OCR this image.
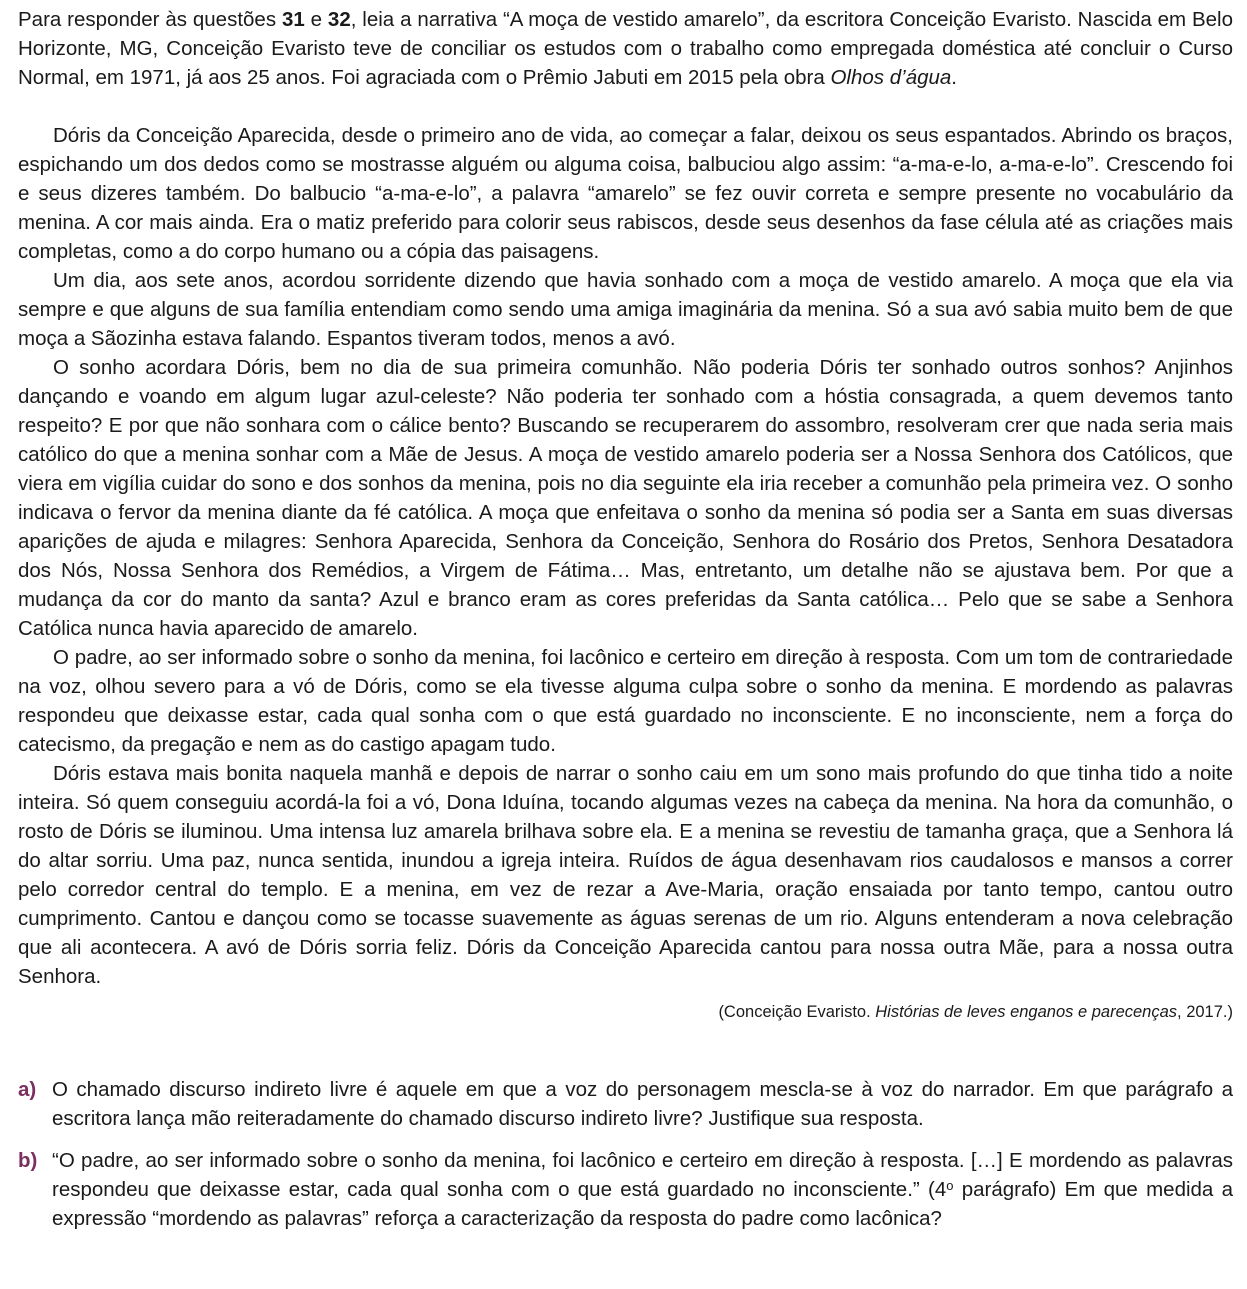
Para responder às questões 31 e 32, leia a narrativa “A moça de vestido amarelo”, da escritora Conceição Evaristo. Nascida em Belo Horizonte, MG, Conceição Evaristo teve de conciliar os estudos com o trabalho como empregada doméstica até concluir o Curso Normal, em 1971, já aos 25 anos. Foi agraciada com o Prêmio Jabuti em 2015 pela obra Olhos d’água.

Dóris da Conceição Aparecida, desde o primeiro ano de vida, ao começar a falar, deixou os seus espantados. Abrindo os braços, espichando um dos dedos como se mostrasse alguém ou alguma coisa, balbuciou algo assim: “a-ma-e-lo, a-ma-e-lo”. Crescendo foi e seus dizeres também. Do balbucio “a-ma-e-lo”, a palavra “amarelo” se fez ouvir correta e sempre presente no vocabulário da menina. A cor mais ainda. Era o matiz preferido para colorir seus rabiscos, desde seus desenhos da fase célula até as criações mais completas, como a do corpo humano ou a cópia das paisagens.

Um dia, aos sete anos, acordou sorridente dizendo que havia sonhado com a moça de vestido amarelo. A moça que ela via sempre e que alguns de sua família entendiam como sendo uma amiga imaginária da menina. Só a sua avó sabia muito bem de que moça a Sãozinha estava falando. Espantos tiveram todos, menos a avó.

O sonho acordara Dóris, bem no dia de sua primeira comunhão. Não poderia Dóris ter sonhado outros sonhos? Anjinhos dançando e voando em algum lugar azul-celeste? Não poderia ter sonhado com a hóstia consagrada, a quem devemos tanto respeito? E por que não sonhara com o cálice bento? Buscando se recuperarem do assombro, resolveram crer que nada seria mais católico do que a menina sonhar com a Mãe de Jesus. A moça de vestido amarelo poderia ser a Nossa Senhora dos Católicos, que viera em vigília cuidar do sono e dos sonhos da menina, pois no dia seguinte ela iria receber a comunhão pela primeira vez. O sonho indicava o fervor da menina diante da fé católica. A moça que enfeitava o sonho da menina só podia ser a Santa em suas diversas aparições de ajuda e milagres: Senhora Aparecida, Senhora da Conceição, Senhora do Rosário dos Pretos, Senhora Desatadora dos Nós, Nossa Senhora dos Remédios, a Virgem de Fátima… Mas, entretanto, um detalhe não se ajustava bem. Por que a mudança da cor do manto da santa? Azul e branco eram as cores preferidas da Santa católica… Pelo que se sabe a Senhora Católica nunca havia aparecido de amarelo.

O padre, ao ser informado sobre o sonho da menina, foi lacônico e certeiro em direção à resposta. Com um tom de contrariedade na voz, olhou severo para a vó de Dóris, como se ela tivesse alguma culpa sobre o sonho da menina. E mordendo as palavras respondeu que deixasse estar, cada qual sonha com o que está guardado no inconsciente. E no inconsciente, nem a força do catecismo, da pregação e nem as do castigo apagam tudo.

Dóris estava mais bonita naquela manhã e depois de narrar o sonho caiu em um sono mais profundo do que tinha tido a noite inteira. Só quem conseguiu acordá-la foi a vó, Dona Iduína, tocando algumas vezes na cabeça da menina. Na hora da comunhão, o rosto de Dóris se iluminou. Uma intensa luz amarela brilhava sobre ela. E a menina se revestiu de tamanha graça, que a Senhora lá do altar sorriu. Uma paz, nunca sentida, inundou a igreja inteira. Ruídos de água desenhavam rios caudalosos e mansos a correr pelo corredor central do templo. E a menina, em vez de rezar a Ave-Maria, oração ensaiada por tanto tempo, cantou outro cumprimento. Cantou e dançou como se tocasse suavemente as águas serenas de um rio. Alguns entenderam a nova celebração que ali acontecera. A avó de Dóris sorria feliz. Dóris da Conceição Aparecida cantou para nossa outra Mãe, para a nossa outra Senhora.

(Conceição Evaristo. Histórias de leves enganos e parecenças, 2017.)
a) O chamado discurso indireto livre é aquele em que a voz do personagem mescla-se à voz do narrador. Em que parágrafo a escritora lança mão reiteradamente do chamado discurso indireto livre? Justifique sua resposta.
b) “O padre, ao ser informado sobre o sonho da menina, foi lacônico e certeiro em direção à resposta. […] E mordendo as palavras respondeu que deixasse estar, cada qual sonha com o que está guardado no inconsciente.” (4$^o$ parágrafo) Em que medida a expressão “mordendo as palavras” reforça a caracterização da resposta do padre como lacônica?
